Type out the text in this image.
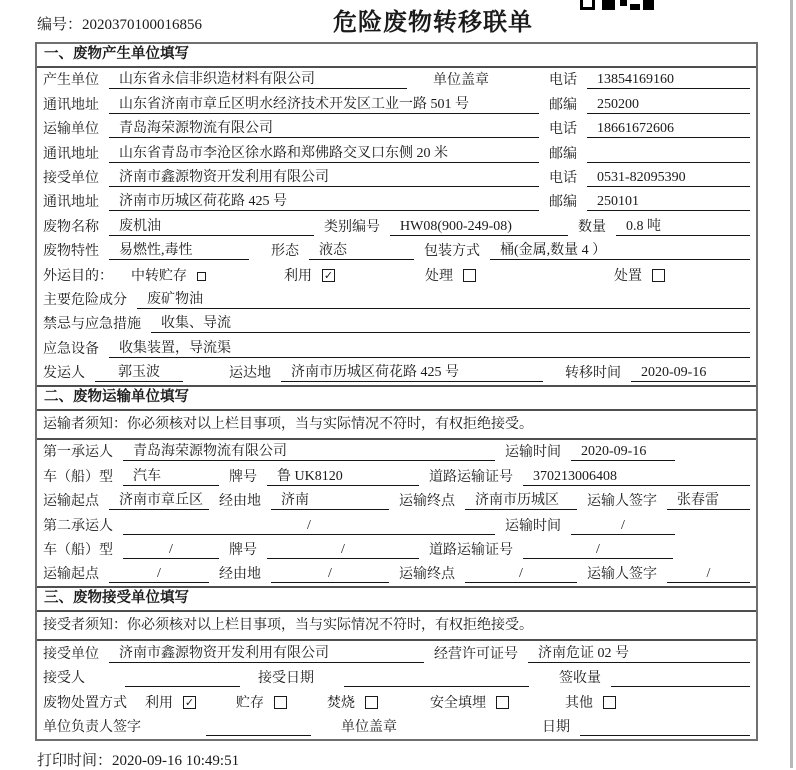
编号：2020370100016856	危险废物转移联单
一、废物产生单位填写
产生单位	山东省永信非织造材料有限公司	单位盖章	电话	13854169160
通讯地址	山东省济南市章丘区明水经济技术开发区工业一路 501 号	邮编	250200
运输单位	青岛海荣源物流有限公司	电话	18661672606
通讯地址	山东省青岛市李沧区徐水路和郑佛路交叉口东侧 20 米	邮编
接受单位	济南市鑫源物资开发利用有限公司	电话	0531-82095390
通讯地址	济南市历城区荷花路 425 号	邮编	250101
废物名称	废机油	类别编号	HW08(900-249-08)	数量	0.8 吨
废物特性	易燃性,毒性	形态	液态	包装方式	桶(金属,数量 4 ）
外运目的： 中转贮存	利用 ✓	处理	处置
主要危险成分	废矿物油
禁忌与应急措施	收集、导流
应急设备	收集装置，导流渠
发运人	郭玉波	运达地	济南市历城区荷花路 425 号	转移时间	2020-09-16
二、废物运输单位填写
运输者须知：你必须核对以上栏目事项，当与实际情况不符时，有权拒绝接受。
第一承运人	青岛海荣源物流有限公司	运输时间	2020-09-16
车（船）型	汽车	牌号	鲁 UK8120	道路运输证号	370213006408
运输起点	济南市章丘区	经由地	济南	运输终点	济南市历城区	运输人签字	张春雷
第二承运人	/	运输时间	/
车（船）型	/	牌号	/	道路运输证号	/
运输起点	/	经由地	/	运输终点	/	运输人签字	/
三、废物接受单位填写
接受者须知：你必须核对以上栏目事项，当与实际情况不符时，有权拒绝接受。
接受单位	济南市鑫源物资开发利用有限公司	经营许可证号	济南危证 02 号
接受人	接受日期	签收量
废物处置方式 利用 ✓	贮存	焚烧	安全填埋	其他
单位负责人签字	单位盖章	日期
打印时间：2020-09-16 10:49:51
